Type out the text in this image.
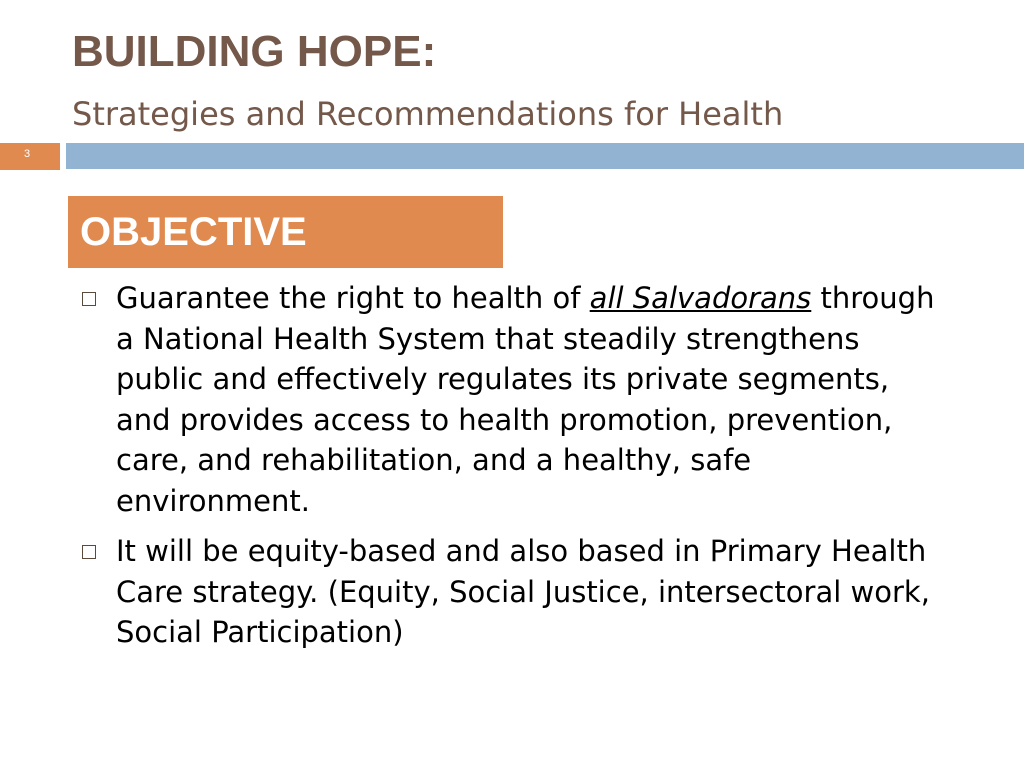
BUILDING HOPE:
Strategies and Recommendations for Health
3
OBJECTIVE
Guarantee the right to health of all Salvadorans through a National Health System that steadily strengthens public and effectively regulates its private segments, and provides access to health promotion, prevention, care, and rehabilitation, and a healthy, safe environment.
It will be equity-based and also based in Primary Health Care strategy. (Equity, Social Justice, intersectoral work, Social Participation)
